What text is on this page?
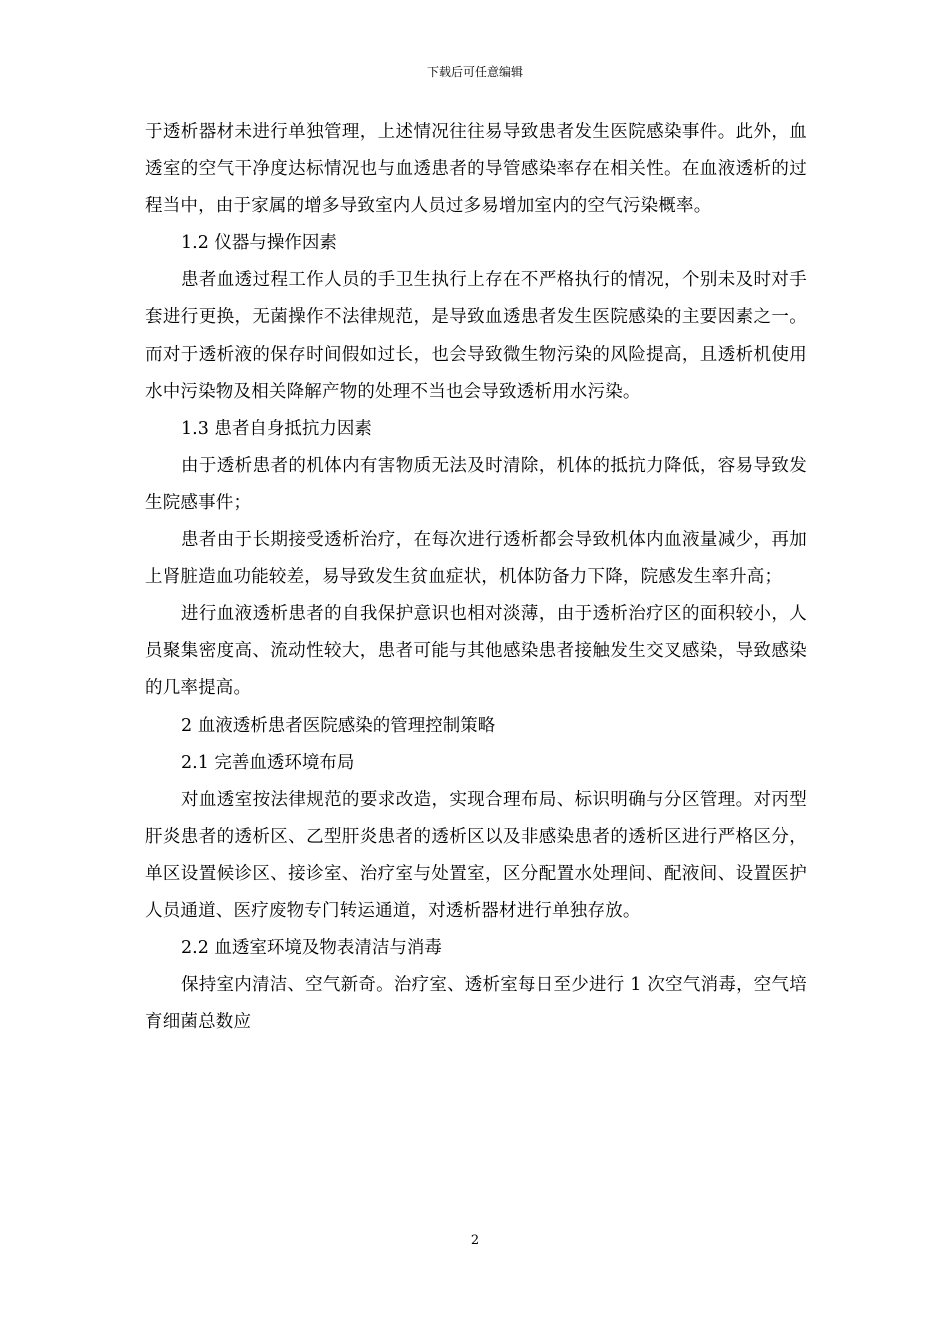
下载后可任意编辑

于透析器材未进行单独管理，上述情况往往易导致患者发生医院感染事件。此外，血透室的空气干净度达标情况也与血透患者的导管感染率存在相关性。在血液透析的过程当中，由于家属的增多导致室内人员过多易增加室内的空气污染概率。

1.2 仪器与操作因素

患者血透过程工作人员的手卫生执行上存在不严格执行的情况，个别未及时对手套进行更换，无菌操作不法律规范，是导致血透患者发生医院感染的主要因素之一。而对于透析液的保存时间假如过长，也会导致微生物污染的风险提高，且透析机使用水中污染物及相关降解产物的处理不当也会导致透析用水污染。

1.3 患者自身抵抗力因素

由于透析患者的机体内有害物质无法及时清除，机体的抵抗力降低，容易导致发生院感事件；

患者由于长期接受透析治疗，在每次进行透析都会导致机体内血液量减少，再加上肾脏造血功能较差，易导致发生贫血症状，机体防备力下降，院感发生率升高；

进行血液透析患者的自我保护意识也相对淡薄，由于透析治疗区的面积较小，人员聚集密度高、流动性较大，患者可能与其他感染患者接触发生交叉感染，导致感染的几率提高。

2 血液透析患者医院感染的管理控制策略

2.1 完善血透环境布局

对血透室按法律规范的要求改造，实现合理布局、标识明确与分区管理。对丙型肝炎患者的透析区、乙型肝炎患者的透析区以及非感染患者的透析区进行严格区分，单区设置候诊区、接诊室、治疗室与处置室，区分配置水处理间、配液间、设置医护人员通道、医疗废物专门转运通道，对透析器材进行单独存放。

2.2 血透室环境及物表清洁与消毒

保持室内清洁、空气新奇。治疗室、透析室每日至少进行 1 次空气消毒，空气培育细菌总数应

2
